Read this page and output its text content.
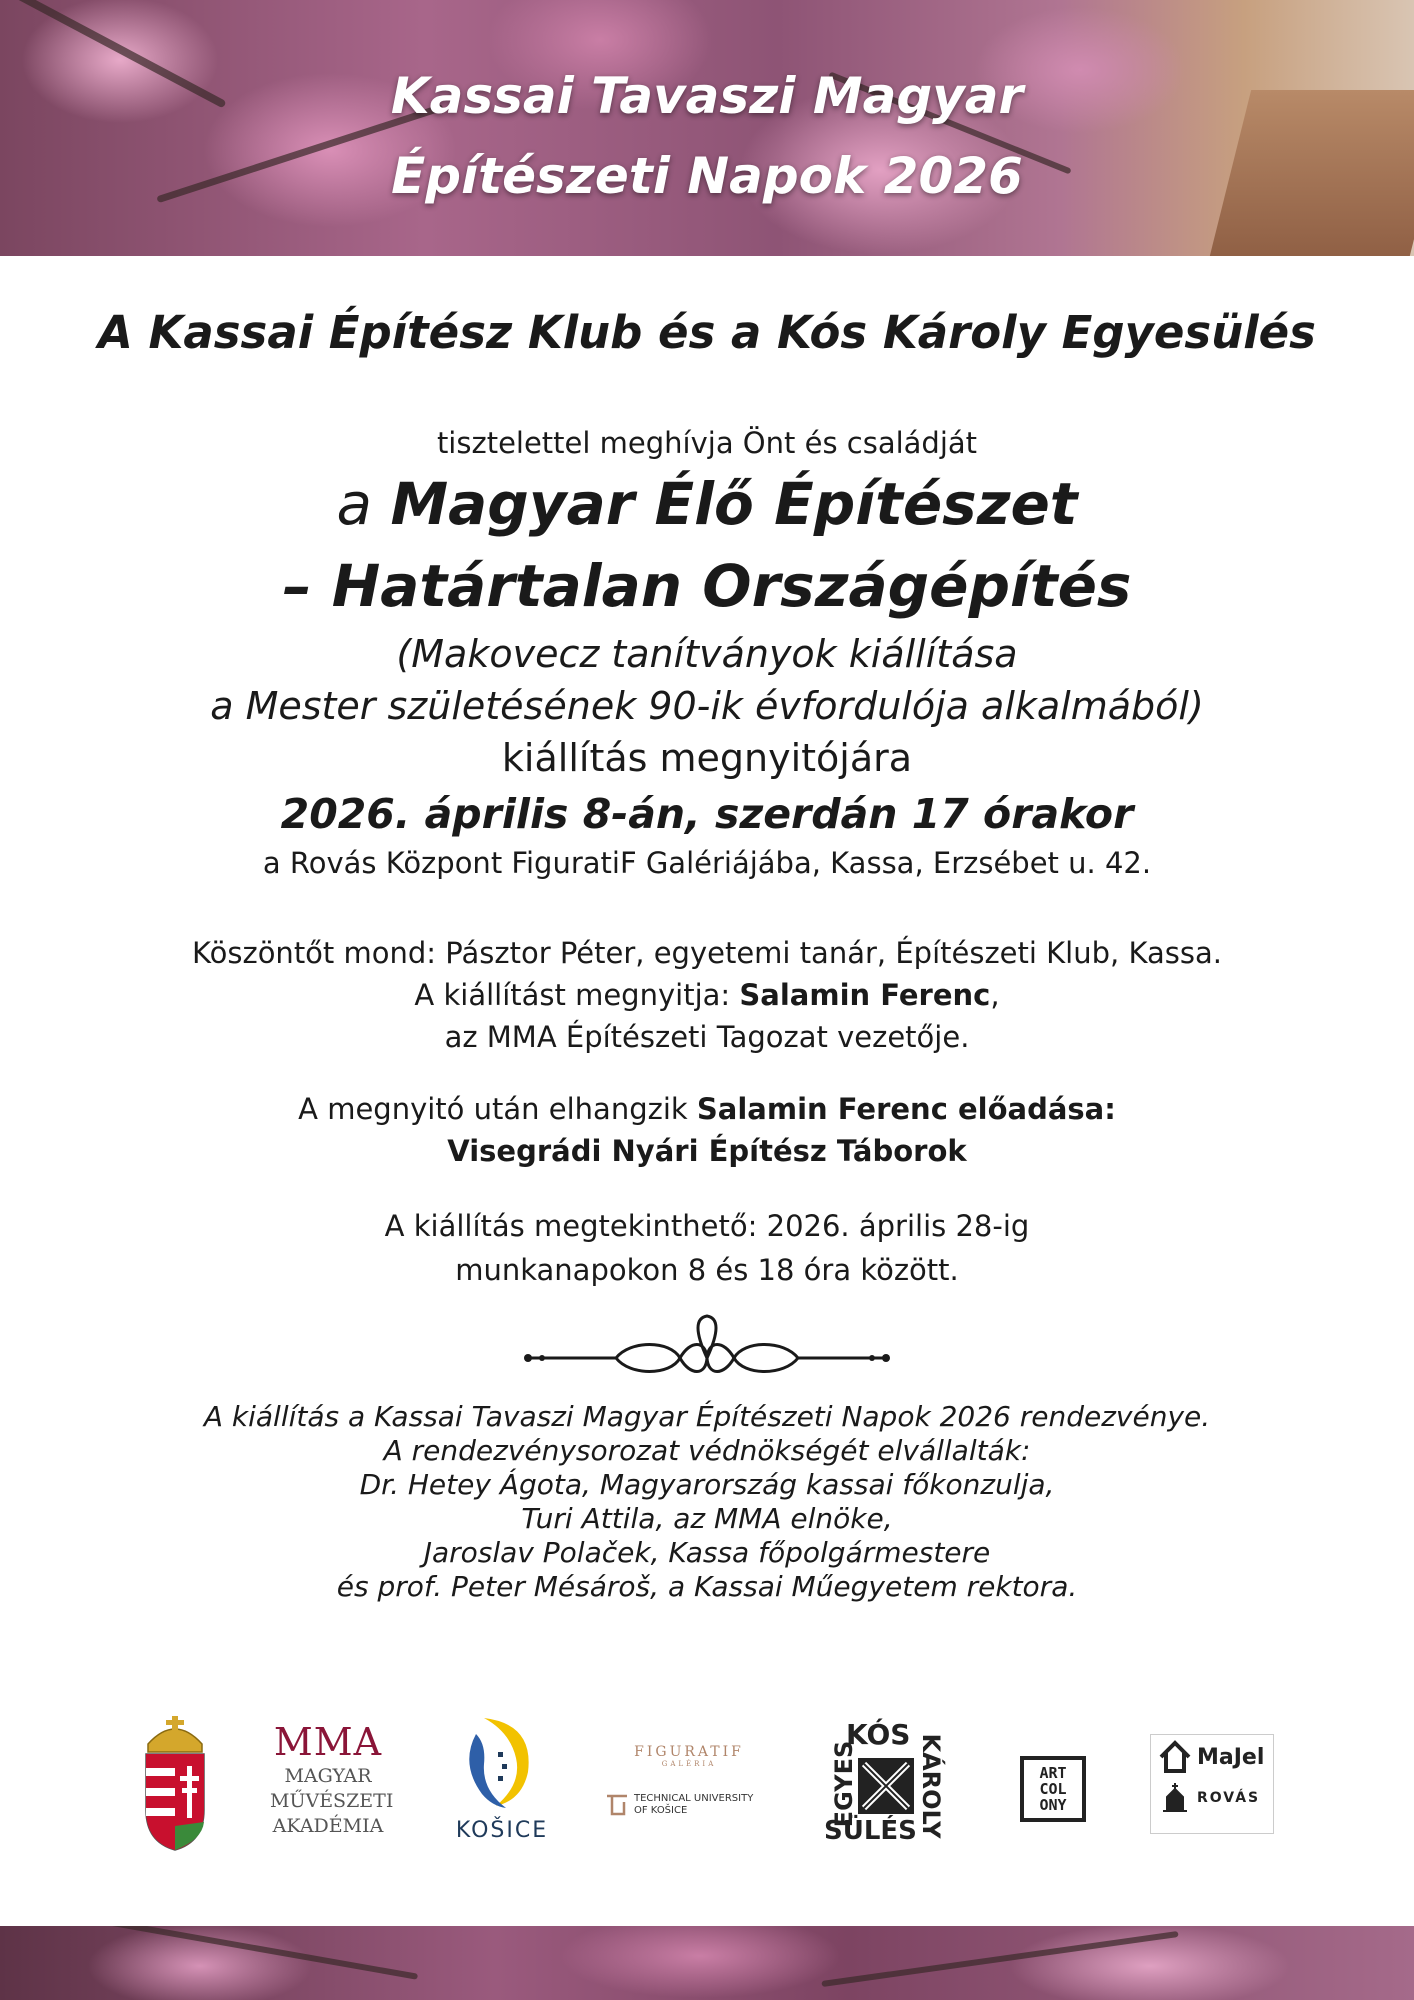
Kassai Tavaszi Magyar
Építészeti Napok 2026
A Kassai Építész Klub és a Kós Károly Egyesülés
tisztelettel meghívja Önt és családját
a Magyar Élő Építészet
– Határtalan Országépítés
(Makovecz tanítványok kiállítása
a Mester születésének 90-ik évfordulója alkalmából)
kiállítás megnyitójára
2026. április 8-án, szerdán 17 órakor
a Rovás Központ FiguratiF Galériájába, Kassa, Erzsébet u. 42.
Köszöntőt mond: Pásztor Péter, egyetemi tanár, Építészeti Klub, Kassa.
A kiállítást megnyitja: Salamin Ferenc,
az MMA Építészeti Tagozat vezetője.
A megnyitó után elhangzik Salamin Ferenc előadása:
Visegrádi Nyári Építész Táborok
A kiállítás megtekinthető: 2026. április 28-ig
munkanapokon 8 és 18 óra között.
A kiállítás a Kassai Tavaszi Magyar Építészeti Napok 2026 rendezvénye.
A rendezvénysorozat védnökségét elvállalták:
Dr. Hetey Ágota, Magyarország kassai főkonzulja,
Turi Attila, az MMA elnöke,
Jaroslav Polaček, Kassa főpolgármestere
és prof. Peter Mésároš, a Kassai Műegyetem rektora.
MMA
MAGYAR
MŰVÉSZETI
AKADÉMIA	KOŠICE
FIGURATIF
GALÉRIA
TECHNICAL UNIVERSITY
OF KOŠICE
KÓS KÁROLY
EGYES
SÜLÉS
ART
COL
ONY
MaJel
ROVÁS
